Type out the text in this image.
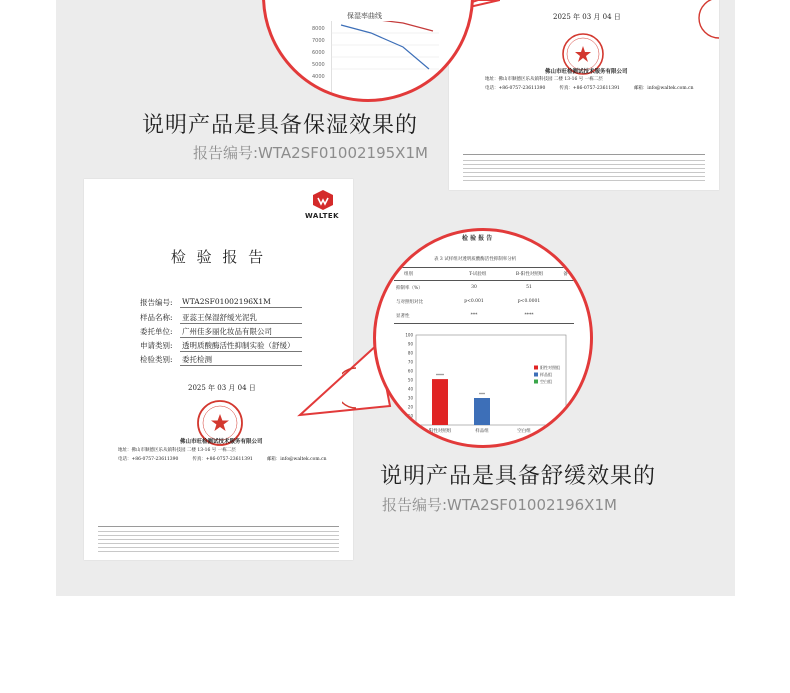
2025 年 03 月 04 日
佛山市旺检测试技术服务有限公司
地址：佛山市顺德区乐从镇科技园 二楼 13-16 号 一栋二层
电话：+86-0757-23611390	传真：+86-0757-23611391	邮箱：info@waltek.com.cn
保湿率曲线
8000
7000
6000
5000
4000
说明产品是具备保湿效果的
报告编号:WTA2SF01002195X1M
WALTEK
检 验 报 告
报告编号:	WTA2SF01002196X1M
样品名称:	亚蕊王保湿舒缓光泥乳
委托单位:	广州佳多丽化妆品有限公司
申请类别:	透明质酸酶活性抑制实验（舒缓）
检验类别:	委托检测
2025 年 03 月 04 日
佛山市旺检测试技术服务有限公司
地址：佛山市顺德区乐从镇科技园 二楼 13-16 号 一栋二层
电话：+86-0757-23611390	传真：+86-0757-23611391	邮箱：info@waltek.com.cn
检 验 报 告
表 3 试样组对透明质酸酶活性抑制率分析
组别	T-试验组	B-阳性对照组	备
抑制率（%）	30	51
与对照组对比	p<0.001	p<0.0001
显著性	***	****
100
90
80
70
60
50
40
30
20
10
0
****
阳性对照组
***
样品组	空白组
阳性对照组
样品组
空白组
说明产品是具备舒缓效果的
报告编号:WTA2SF01002196X1M
